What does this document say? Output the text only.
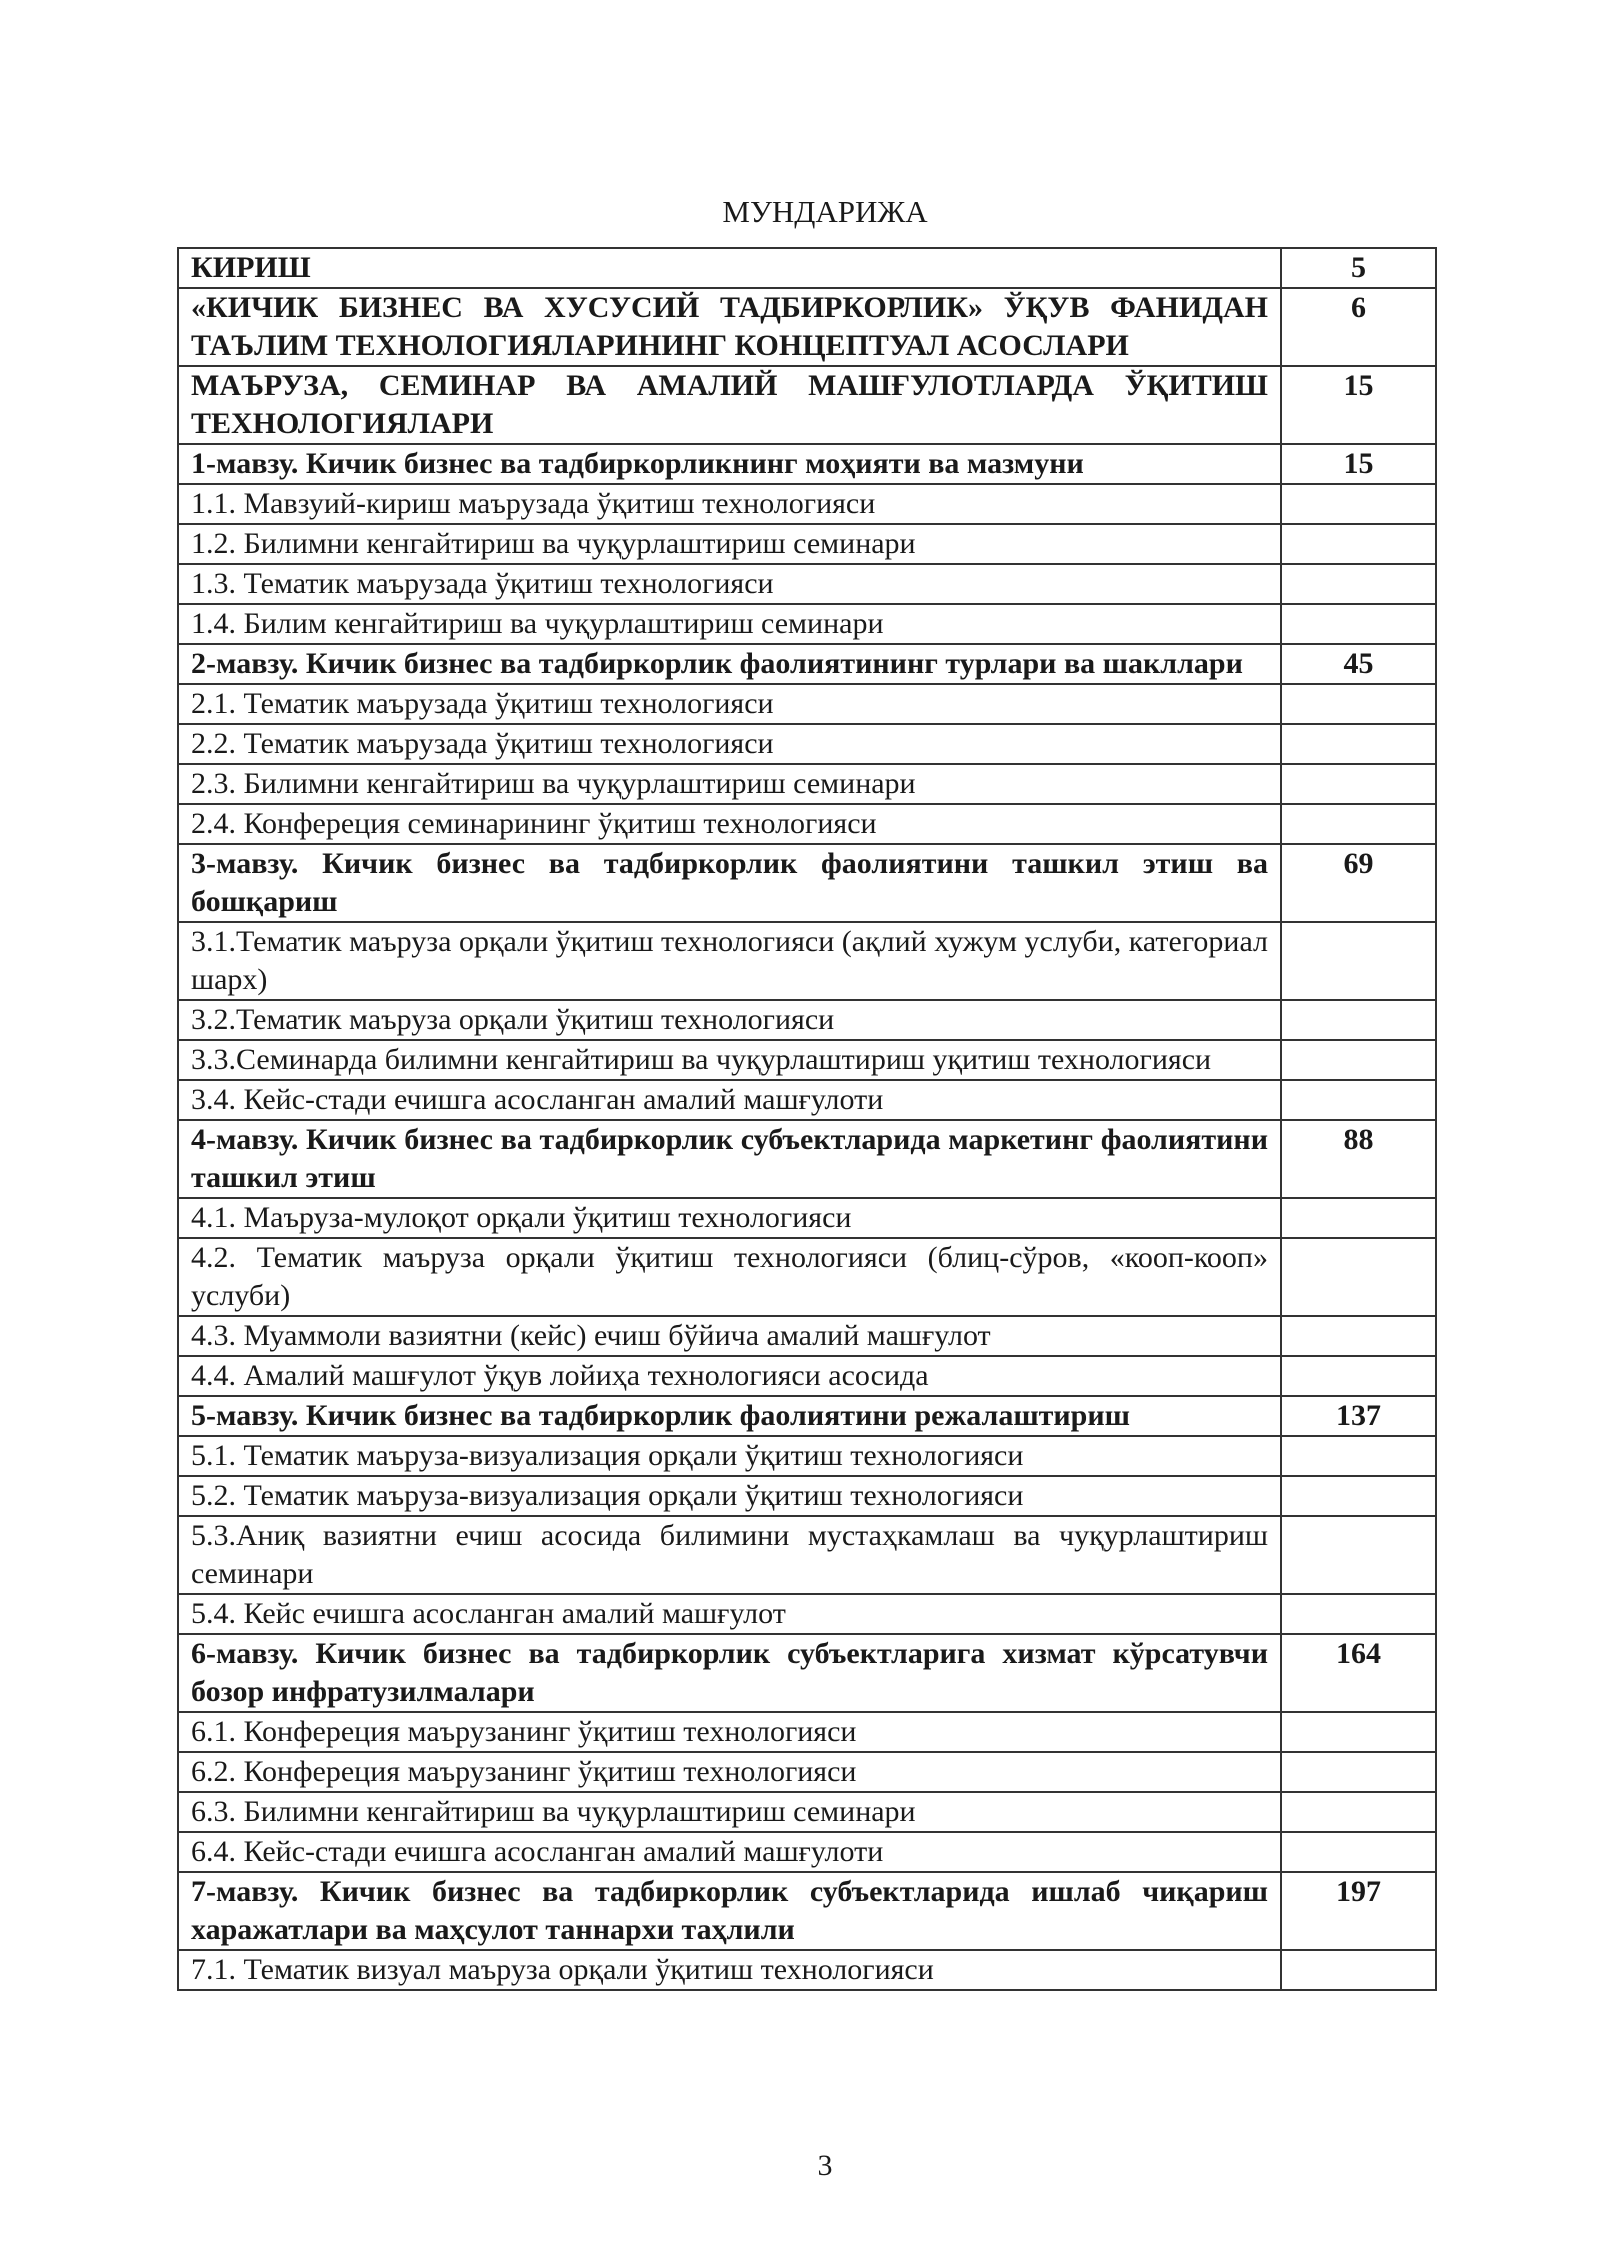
МУНДАРИЖА
КИРИШ	5
«КИЧИК БИЗНЕС ВА ХУСУСИЙ ТАДБИРКОРЛИК» ЎҚУВ ФАНИДАН ТАЪЛИМ ТЕХНОЛОГИЯЛАРИНИНГ КОНЦЕПТУАЛ АСОСЛАРИ	6
МАЪРУЗА, СЕМИНАР ВА АМАЛИЙ МАШҒУЛОТЛАРДА ЎҚИТИШ ТЕХНОЛОГИЯЛАРИ	15
1-мавзу. Кичик бизнес ва тадбиркорликнинг моҳияти ва мазмуни	15
1.1. Мавзуий-кириш маърузада ўқитиш технологияси	
1.2. Билимни кенгайтириш ва чуқурлаштириш семинари	
1.3. Тематик маърузада ўқитиш технологияси	
1.4. Билим кенгайтириш ва чуқурлаштириш семинари	
2-мавзу. Кичик бизнес ва тадбиркорлик фаолиятининг турлари ва шакллари	45
2.1. Тематик маърузада ўқитиш технологияси	
2.2. Тематик маърузада ўқитиш технологияси	
2.3. Билимни кенгайтириш ва чуқурлаштириш семинари	
2.4. Конфереция семинарининг ўқитиш технологияси	
3-мавзу. Кичик бизнес ва тадбиркорлик фаолиятини ташкил этиш ва бошқариш	69
3.1.Тематик маъруза орқали ўқитиш технологияси (ақлий хужум услуби, категориал шарх)	
3.2.Тематик маъруза орқали ўқитиш технологияси	
3.3.Семинарда билимни кенгайтириш ва чуқурлаштириш уқитиш технологияси	
3.4. Кейс-стади ечишга асосланган амалий машғулоти	
4-мавзу. Кичик бизнес ва тадбиркорлик субъектларида маркетинг фаолиятини ташкил этиш	88
4.1. Маъруза-мулоқот орқали ўқитиш технологияси	
4.2. Тематик маъруза орқали ўқитиш технологияси (блиц-сўров, «кооп-кооп» услуби)	
4.3. Муаммоли вазиятни (кейс) ечиш бўйича амалий машғулот	
4.4. Амалий машғулот ўқув лойиҳа технологияси асосида	
5-мавзу. Кичик бизнес ва тадбиркорлик фаолиятини режалаштириш	137
5.1. Тематик маъруза-визуализация орқали ўқитиш технологияси	
5.2. Тематик маъруза-визуализация орқали ўқитиш технологияси	
5.3.Аниқ вазиятни ечиш асосида билимини мустаҳкамлаш ва чуқурлаштириш семинари	
5.4. Кейс ечишга асосланган амалий машғулот	
6-мавзу. Кичик бизнес ва тадбиркорлик субъектларига хизмат кўрсатувчи бозор инфратузилмалари	164
6.1. Конфереция маърузанинг ўқитиш технологияси	
6.2. Конфереция маърузанинг ўқитиш технологияси	
6.3. Билимни кенгайтириш ва чуқурлаштириш семинари	
6.4. Кейс-стади ечишга асосланган амалий машғулоти	
7-мавзу. Кичик бизнес ва тадбиркорлик субъектларида ишлаб чиқариш харажатлари ва маҳсулот таннархи таҳлили	197
7.1. Тематик визуал маъруза орқали ўқитиш технологияси	
3
